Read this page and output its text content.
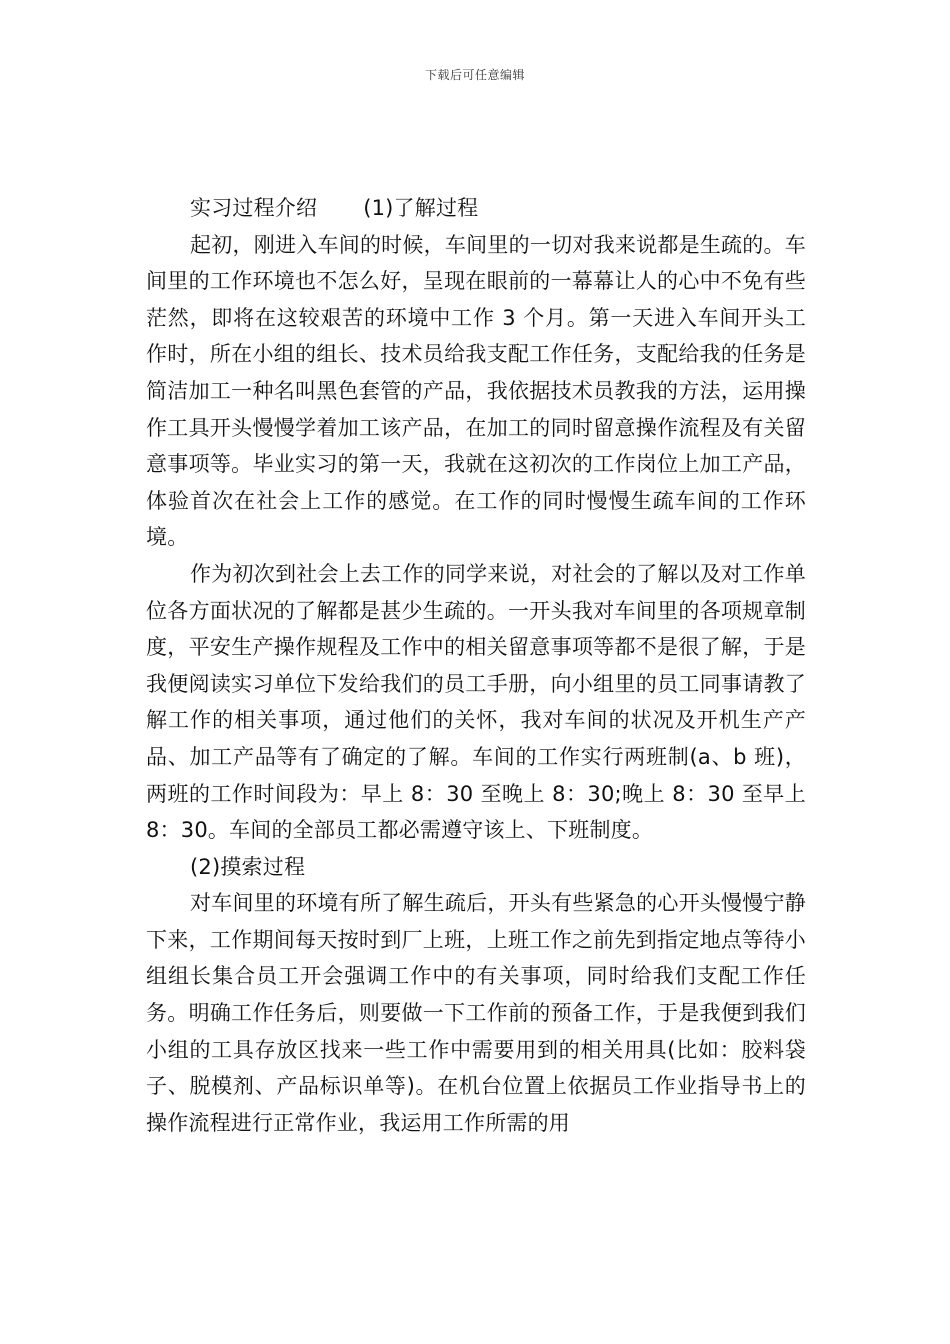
下载后可任意编辑
实习过程介绍 (1)了解过程

起初，刚进入车间的时候，车间里的一切对我来说都是生疏的。车间里的工作环境也不怎么好，呈现在眼前的一幕幕让人的心中不免有些茫然，即将在这较艰苦的环境中工作 3 个月。第一天进入车间开头工作时，所在小组的组长、技术员给我支配工作任务，支配给我的任务是简洁加工一种名叫黑色套管的产品，我依据技术员教我的方法，运用操作工具开头慢慢学着加工该产品，在加工的同时留意操作流程及有关留意事项等。毕业实习的第一天，我就在这初次的工作岗位上加工产品，体验首次在社会上工作的感觉。在工作的同时慢慢生疏车间的工作环境。

作为初次到社会上去工作的同学来说，对社会的了解以及对工作单位各方面状况的了解都是甚少生疏的。一开头我对车间里的各项规章制度，平安生产操作规程及工作中的相关留意事项等都不是很了解，于是我便阅读实习单位下发给我们的员工手册，向小组里的员工同事请教了解工作的相关事项，通过他们的关怀，我对车间的状况及开机生产产品、加工产品等有了确定的了解。车间的工作实行两班制(a、b 班)，两班的工作时间段为：早上 8：30 至晚上 8：30;晚上 8：30 至早上 8：30。车间的全部员工都必需遵守该上、下班制度。

(2)摸索过程

对车间里的环境有所了解生疏后，开头有些紧急的心开头慢慢宁静下来，工作期间每天按时到厂上班，上班工作之前先到指定地点等待小组组长集合员工开会强调工作中的有关事项，同时给我们支配工作任务。明确工作任务后，则要做一下工作前的预备工作，于是我便到我们小组的工具存放区找来一些工作中需要用到的相关用具(比如：胶料袋子、脱模剂、产品标识单等)。在机台位置上依据员工作业指导书上的操作流程进行正常作业，我运用工作所需的用
